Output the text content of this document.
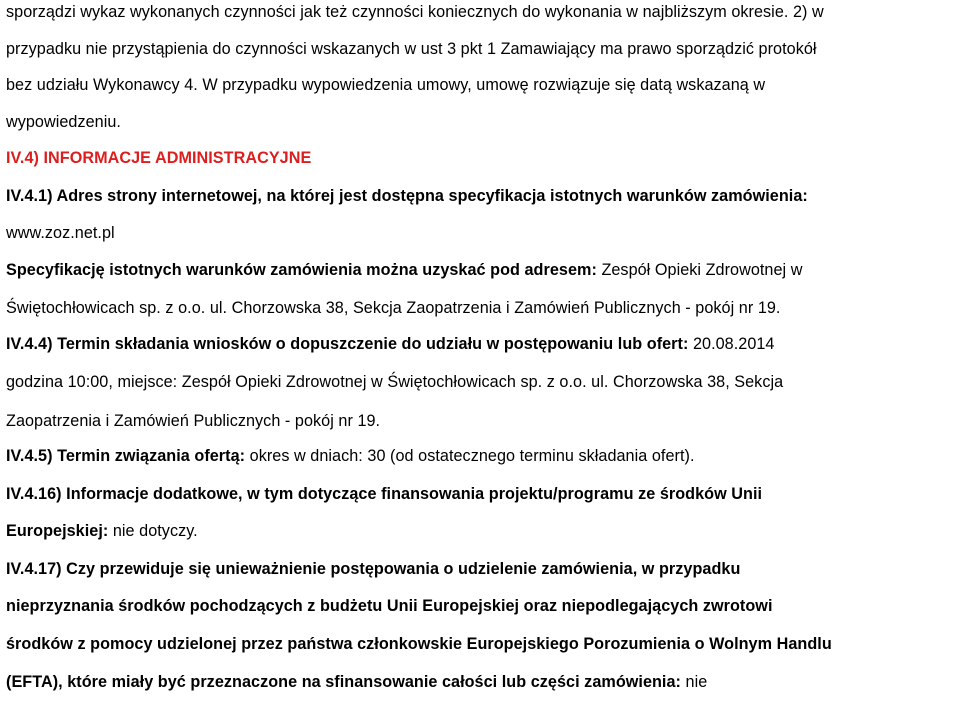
sporządzi wykaz wykonanych czynności jak też czynności koniecznych do wykonania w najbliższym okresie. 2) w
przypadku nie przystąpienia do czynności wskazanych w ust 3 pkt 1 Zamawiający ma prawo sporządzić protokół
bez udziału Wykonawcy 4. W przypadku wypowiedzenia umowy, umowę rozwiązuje się datą wskazaną w
wypowiedzeniu.
IV.4) INFORMACJE ADMINISTRACYJNE
IV.4.1) Adres strony internetowej, na której jest dostępna specyfikacja istotnych warunków zamówienia:
www.zoz.net.pl
Specyfikację istotnych warunków zamówienia można uzyskać pod adresem: Zespół Opieki Zdrowotnej w
Świętochłowicach sp. z o.o. ul. Chorzowska 38, Sekcja Zaopatrzenia i Zamówień Publicznych - pokój nr 19.
IV.4.4) Termin składania wniosków o dopuszczenie do udziału w postępowaniu lub ofert: 20.08.2014
godzina 10:00, miejsce: Zespół Opieki Zdrowotnej w Świętochłowicach sp. z o.o. ul. Chorzowska 38, Sekcja
Zaopatrzenia i Zamówień Publicznych - pokój nr 19.
IV.4.5) Termin związania ofertą: okres w dniach: 30 (od ostatecznego terminu składania ofert).
IV.4.16) Informacje dodatkowe, w tym dotyczące finansowania projektu/programu ze środków Unii
Europejskiej: nie dotyczy.
IV.4.17) Czy przewiduje się unieważnienie postępowania o udzielenie zamówienia, w przypadku
nieprzyznania środków pochodzących z budżetu Unii Europejskiej oraz niepodlegających zwrotowi
środków z pomocy udzielonej przez państwa członkowskie Europejskiego Porozumienia o Wolnym Handlu
(EFTA), które miały być przeznaczone na sfinansowanie całości lub części zamówienia: nie
